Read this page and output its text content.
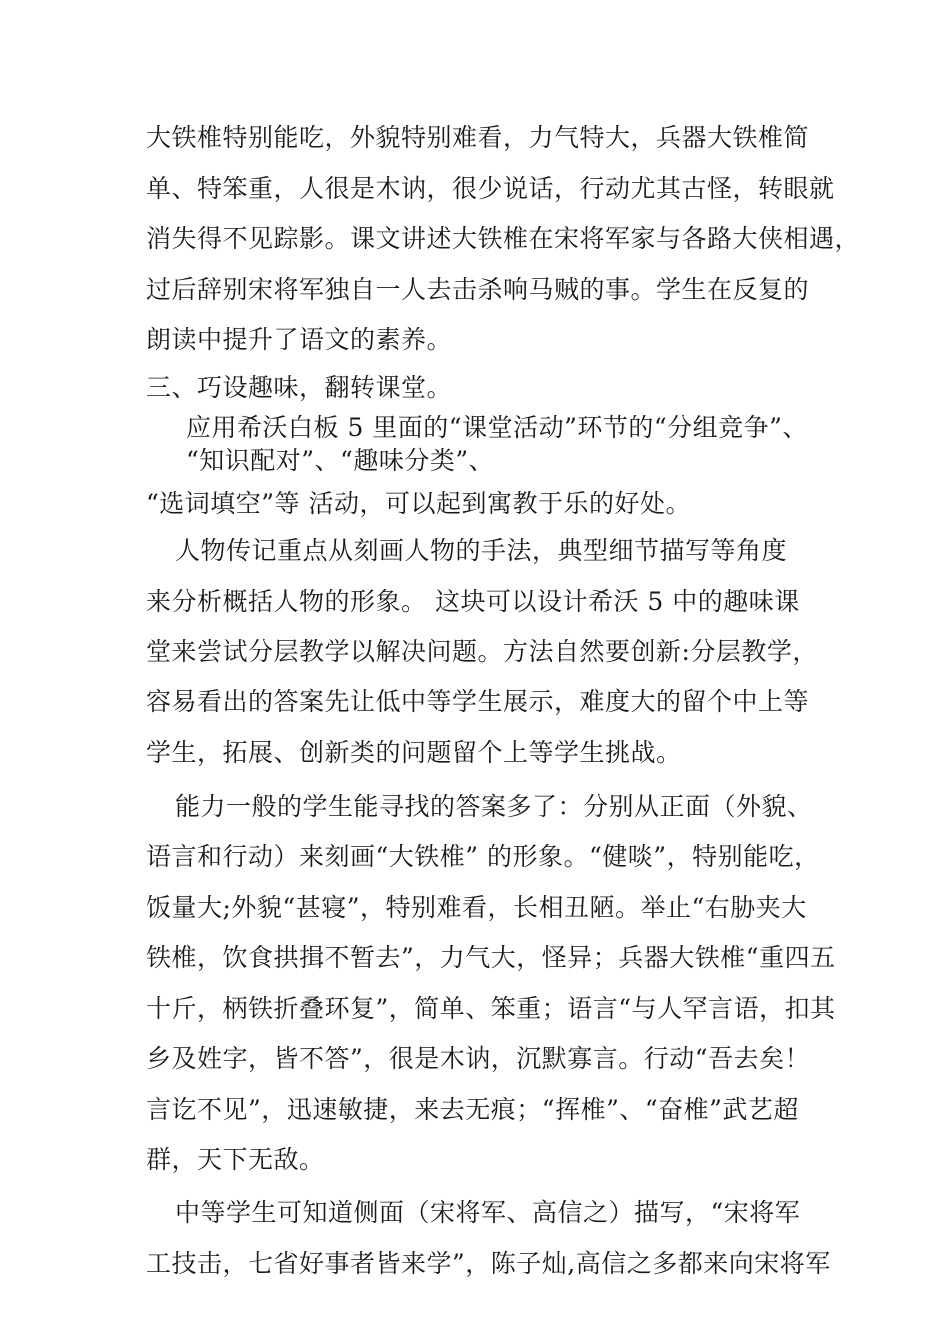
大铁椎特别能吃，外貌特别难看，力气特大，兵器大铁椎简
单、特笨重，人很是木讷，很少说话，行动尤其古怪，转眼就
消失得不见踪影。课文讲述大铁椎在宋将军家与各路大侠相遇，
过后辞别宋将军独自一人去击杀响马贼的事。学生在反复的
朗读中提升了语文的素养。
三、巧设趣味，翻转课堂。
应用希沃白板 5 里面的“课堂活动”环节的“分组竞争”、
“知识配对”、“趣味分类”、
“选词填空”等 活动，可以起到寓教于乐的好处。
人物传记重点从刻画人物的手法，典型细节描写等角度
来分析概括人物的形象。 这块可以设计希沃 5 中的趣味课
堂来尝试分层教学以解决问题。方法自然要创新:分层教学，
容易看出的答案先让低中等学生展示，难度大的留个中上等
学生，拓展、创新类的问题留个上等学生挑战。
能力一般的学生能寻找的答案多了：分别从正面（外貌、
语言和行动）来刻画“大铁椎” 的形象。“健啖”，特别能吃，
饭量大;外貌“甚寝”，特别难看，长相丑陋。举止“右胁夹大
铁椎，饮食拱揖不暂去”，力气大，怪异；兵器大铁椎“重四五
十斤，柄铁折叠环复”，简单、笨重；语言“与人罕言语，扣其
乡及姓字，皆不答”，很是木讷，沉默寡言。行动“吾去矣！
言讫不见”，迅速敏捷，来去无痕；“挥椎”、“奋椎”武艺超
群，天下无敌。
中等学生可知道侧面（宋将军、高信之）描写，“宋将军
工技击，七省好事者皆来学”，陈子灿,高信之多都来向宋将军
